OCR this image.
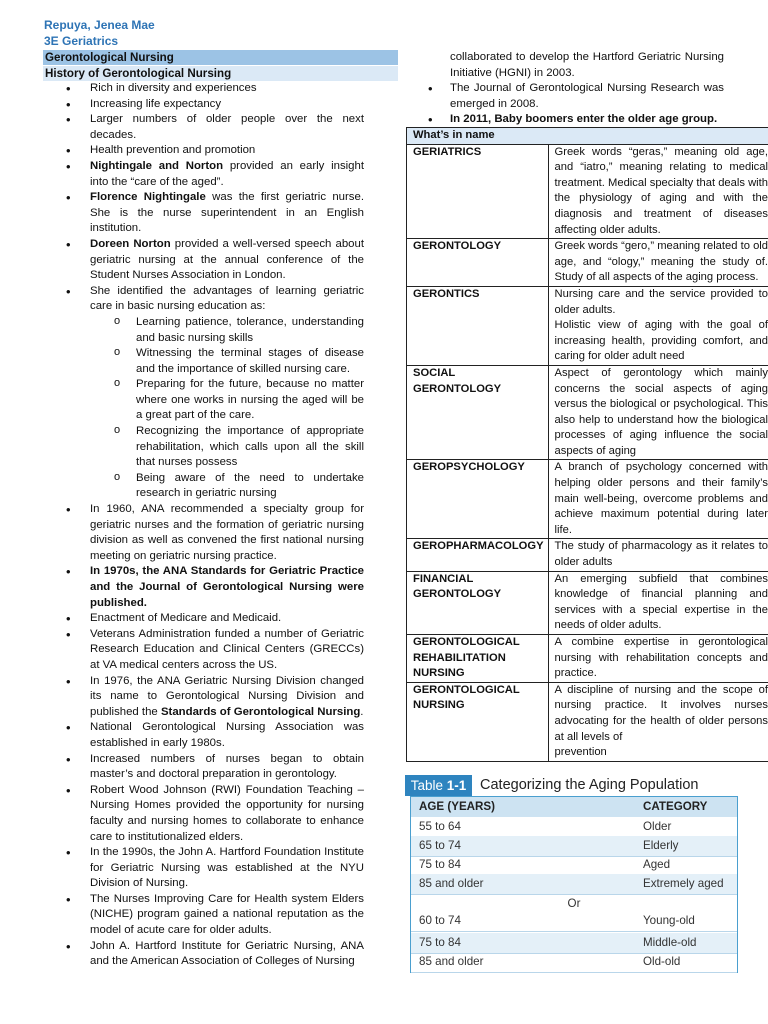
Repuya, Jenea Mae
3E Geriatrics
Gerontological Nursing
History of Gerontological Nursing
• Rich in diversity and experiences
• Increasing life expectancy
• Larger numbers of older people over the next decades.
• Health prevention and promotion
• Nightingale and Norton provided an early insight into the “care of the aged”.
• Florence Nightingale was the first geriatric nurse. She is the nurse superintendent in an English institution.
• Doreen Norton provided a well-versed speech about geriatric nursing at the annual conference of the Student Nurses Association in London.
• She identified the advantages of learning geriatric care in basic nursing education as:
o Learning patience, tolerance, understanding and basic nursing skills
o Witnessing the terminal stages of disease and the importance of skilled nursing care.
o Preparing for the future, because no matter where one works in nursing the aged will be a great part of the care.
o Recognizing the importance of appropriate rehabilitation, which calls upon all the skill that nurses possess
o Being aware of the need to undertake research in geriatric nursing
• In 1960, ANA recommended a specialty group for geriatric nurses and the formation of geriatric nursing division as well as convened the first national nursing meeting on geriatric nursing practice.
• In 1970s, the ANA Standards for Geriatric Practice and the Journal of Gerontological Nursing were published.
• Enactment of Medicare and Medicaid.
• Veterans Administration funded a number of Geriatric Research Education and Clinical Centers (GRECCs) at VA medical centers across the US.
• In 1976, the ANA Geriatric Nursing Division changed its name to Gerontological Nursing Division and published the Standards of Gerontological Nursing.
• National Gerontological Nursing Association was established in early 1980s.
• Increased numbers of nurses began to obtain master’s and doctoral preparation in gerontology.
• Robert Wood Johnson (RWI) Foundation Teaching – Nursing Homes provided the opportunity for nursing faculty and nursing homes to collaborate to enhance care to institutionalized elders.
• In the 1990s, the John A. Hartford Foundation Institute for Geriatric Nursing was established at the NYU Division of Nursing.
• The Nurses Improving Care for Health system Elders (NICHE) program gained a national reputation as the model of acute care for older adults.
• John A. Hartford Institute for Geriatric Nursing, ANA and the American Association of Colleges of Nursing
collaborated to develop the Hartford Geriatric Nursing Initiative (HGNI) in 2003.
• The Journal of Gerontological Nursing Research was emerged in 2008.
• In 2011, Baby boomers enter the older age group.
What’s in name	
GERIATRICS	Greek words “geras,” meaning old age, and “iatro,” meaning relating to medical treatment. Medical specialty that deals with the physiology of aging and with the diagnosis and treatment of diseases affecting older adults.
GERONTOLOGY	Greek words “gero,” meaning related to old age, and “ology,” meaning the study of. Study of all aspects of the aging process.
GERONTICS	Nursing care and the service provided to older adults.
Holistic view of aging with the goal of increasing health, providing comfort, and caring for older adult need
SOCIAL GERONTOLOGY	Aspect of gerontology which mainly concerns the social aspects of aging versus the biological or psychological. This also help to understand how the biological processes of aging influence the social aspects of aging
GEROPSYCHOLOGY	A branch of psychology concerned with helping older persons and their family’s main well-being, overcome problems and achieve maximum potential during later life.
GEROPHARMACOLOGY	The study of pharmacology as it relates to older adults
FINANCIAL GERONTOLOGY	An emerging subfield that combines knowledge of financial planning and services with a special expertise in the needs of older adults.
GERONTOLOGICAL REHABILITATION NURSING	A combine expertise in gerontological nursing with rehabilitation concepts and practice.
GERONTOLOGICAL NURSING	A discipline of nursing and the scope of nursing practice. It involves nurses advocating for the health of older persons at all levels of
prevention
Table 1-1 Categorizing the Aging Population
AGE (YEARS)	CATEGORY
55 to 64	Older
65 to 74	Elderly
75 to 84	Aged
85 and older	Extremely aged
Or
60 to 74	Young-old
75 to 84	Middle-old
85 and older	Old-old
